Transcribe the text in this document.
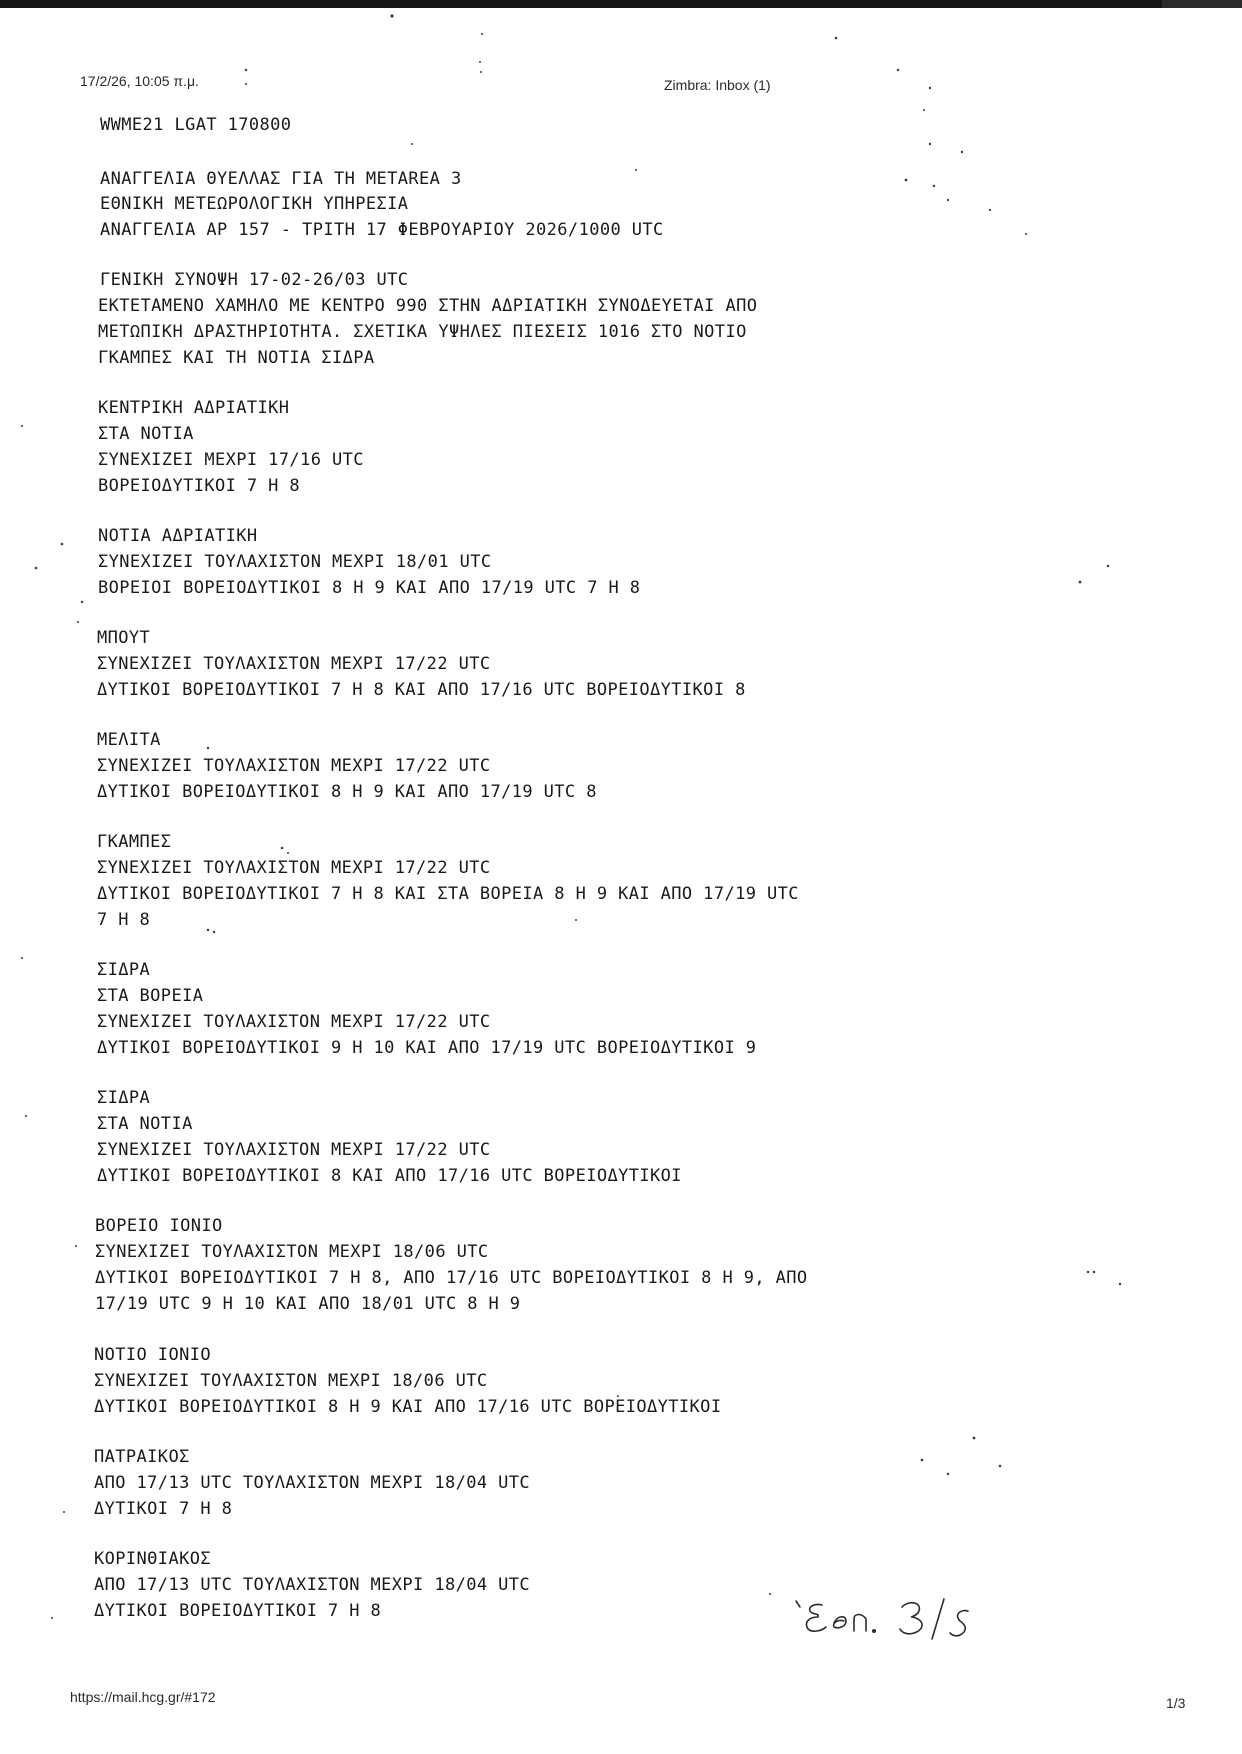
17/2/26, 10:05 π.μ.	Zimbra: Inbox (1)
WWME21 LGAT 170800
ΑΝΑΓΓΕΛΙΑ ΘΥΕΛΛΑΣ ΓΙΑ ΤΗ METAREA 3
ΕΘΝΙΚΗ ΜΕΤΕΩΡΟΛΟΓΙΚΗ ΥΠΗΡΕΣΙΑ
ΑΝΑΓΓΕΛΙΑ ΑΡ 157 - ΤΡΙΤΗ 17 ΦΕΒΡΟΥΑΡΙΟΥ 2026/1000 UTC
ΓΕΝΙΚΗ ΣΥΝΟΨΗ 17-02-26/03 UTC
ΕΚΤΕΤΑΜΕΝΟ ΧΑΜΗΛΟ ΜΕ ΚΕΝΤΡΟ 990 ΣΤΗΝ ΑΔΡΙΑΤΙΚΗ ΣΥΝΟΔΕΥΕΤΑΙ ΑΠΟ
ΜΕΤΩΠΙΚΗ ΔΡΑΣΤΗΡΙΟΤΗΤΑ. ΣΧΕΤΙΚΑ ΥΨΗΛΕΣ ΠΙΕΣΕΙΣ 1016 ΣΤΟ ΝΟΤΙΟ
ΓΚΑΜΠΕΣ ΚΑΙ ΤΗ ΝΟΤΙΑ ΣΙΔΡΑ
ΚΕΝΤΡΙΚΗ ΑΔΡΙΑΤΙΚΗ
ΣΤΑ ΝΟΤΙΑ
ΣΥΝΕΧΙΖΕΙ ΜΕΧΡΙ 17/16 UTC
ΒΟΡΕΙΟΔΥΤΙΚΟΙ 7 Η 8
ΝΟΤΙΑ ΑΔΡΙΑΤΙΚΗ
ΣΥΝΕΧΙΖΕΙ ΤΟΥΛΑΧΙΣΤΟΝ ΜΕΧΡΙ 18/01 UTC
ΒΟΡΕΙΟΙ ΒΟΡΕΙΟΔΥΤΙΚΟΙ 8 Η 9 ΚΑΙ ΑΠΟ 17/19 UTC 7 Η 8
ΜΠΟΥΤ
ΣΥΝΕΧΙΖΕΙ ΤΟΥΛΑΧΙΣΤΟΝ ΜΕΧΡΙ 17/22 UTC
ΔΥΤΙΚΟΙ ΒΟΡΕΙΟΔΥΤΙΚΟΙ 7 Η 8 ΚΑΙ ΑΠΟ 17/16 UTC ΒΟΡΕΙΟΔΥΤΙΚΟΙ 8
ΜΕΛΙΤΑ
ΣΥΝΕΧΙΖΕΙ ΤΟΥΛΑΧΙΣΤΟΝ ΜΕΧΡΙ 17/22 UTC
ΔΥΤΙΚΟΙ ΒΟΡΕΙΟΔΥΤΙΚΟΙ 8 Η 9 ΚΑΙ ΑΠΟ 17/19 UTC 8
ΓΚΑΜΠΕΣ
ΣΥΝΕΧΙΖΕΙ ΤΟΥΛΑΧΙΣΤΟΝ ΜΕΧΡΙ 17/22 UTC
ΔΥΤΙΚΟΙ ΒΟΡΕΙΟΔΥΤΙΚΟΙ 7 Η 8 ΚΑΙ ΣΤΑ ΒΟΡΕΙΑ 8 Η 9 ΚΑΙ ΑΠΟ 17/19 UTC
7 Η 8
ΣΙΔΡΑ
ΣΤΑ ΒΟΡΕΙΑ
ΣΥΝΕΧΙΖΕΙ ΤΟΥΛΑΧΙΣΤΟΝ ΜΕΧΡΙ 17/22 UTC
ΔΥΤΙΚΟΙ ΒΟΡΕΙΟΔΥΤΙΚΟΙ 9 Η 10 ΚΑΙ ΑΠΟ 17/19 UTC ΒΟΡΕΙΟΔΥΤΙΚΟΙ 9
ΣΙΔΡΑ
ΣΤΑ ΝΟΤΙΑ
ΣΥΝΕΧΙΖΕΙ ΤΟΥΛΑΧΙΣΤΟΝ ΜΕΧΡΙ 17/22 UTC
ΔΥΤΙΚΟΙ ΒΟΡΕΙΟΔΥΤΙΚΟΙ 8 ΚΑΙ ΑΠΟ 17/16 UTC ΒΟΡΕΙΟΔΥΤΙΚΟΙ
ΒΟΡΕΙΟ ΙΟΝΙΟ
ΣΥΝΕΧΙΖΕΙ ΤΟΥΛΑΧΙΣΤΟΝ ΜΕΧΡΙ 18/06 UTC
ΔΥΤΙΚΟΙ ΒΟΡΕΙΟΔΥΤΙΚΟΙ 7 Η 8, ΑΠΟ 17/16 UTC ΒΟΡΕΙΟΔΥΤΙΚΟΙ 8 Η 9, ΑΠΟ
17/19 UTC 9 Η 10 ΚΑΙ ΑΠΟ 18/01 UTC 8 Η 9
ΝΟΤΙΟ ΙΟΝΙΟ
ΣΥΝΕΧΙΖΕΙ ΤΟΥΛΑΧΙΣΤΟΝ ΜΕΧΡΙ 18/06 UTC
ΔΥΤΙΚΟΙ ΒΟΡΕΙΟΔΥΤΙΚΟΙ 8 Η 9 ΚΑΙ ΑΠΟ 17/16 UTC ΒΟΡΕΙΟΔΥΤΙΚΟΙ
ΠΑΤΡΑΙΚΟΣ
ΑΠΟ 17/13 UTC ΤΟΥΛΑΧΙΣΤΟΝ ΜΕΧΡΙ 18/04 UTC
ΔΥΤΙΚΟΙ 7 Η 8
ΚΟΡΙΝΘΙΑΚΟΣ
ΑΠΟ 17/13 UTC ΤΟΥΛΑΧΙΣΤΟΝ ΜΕΧΡΙ 18/04 UTC
ΔΥΤΙΚΟΙ ΒΟΡΕΙΟΔΥΤΙΚΟΙ 7 Η 8
https://mail.hcg.gr/#172	1/3
